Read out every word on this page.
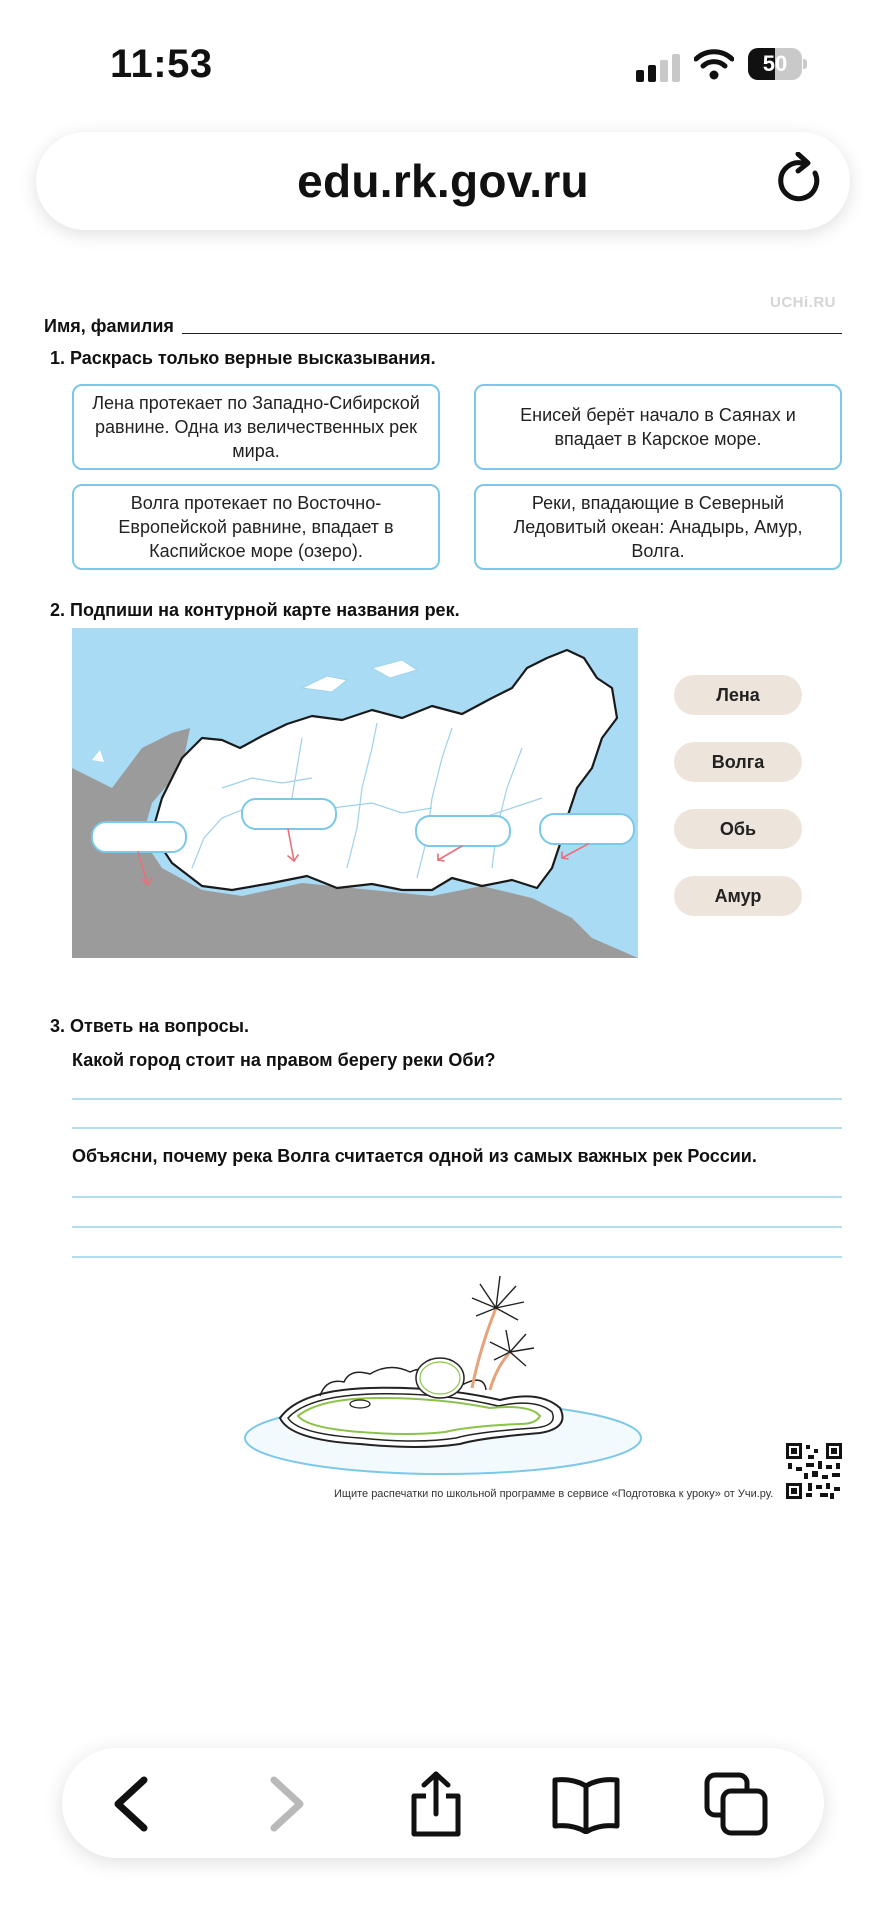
11:53	50
edu.rk.gov.ru
UCHi.RU
Имя, фамилия
1. Раскрась только верные высказывания.
Лена протекает по Западно-Сибирской равнине. Одна из величественных рек мира.
Енисей берёт начало в Саянах и впадает в Карское море.
Волга протекает по Восточно-Европейской равнине, впадает в Каспийское море (озеро).
Реки, впадающие в Северный Ледовитый океан: Анадырь, Амур, Волга.
2. Подпиши на контурной карте названия рек.
Лена
Волга
Обь
Амур
3. Ответь на вопросы.
Какой город стоит на правом берегу реки Оби?
Объясни, почему река Волга считается одной из самых важных рек России.
Ищите распечатки по школьной программе в сервисе «Подготовка к уроку» от Учи.ру.
